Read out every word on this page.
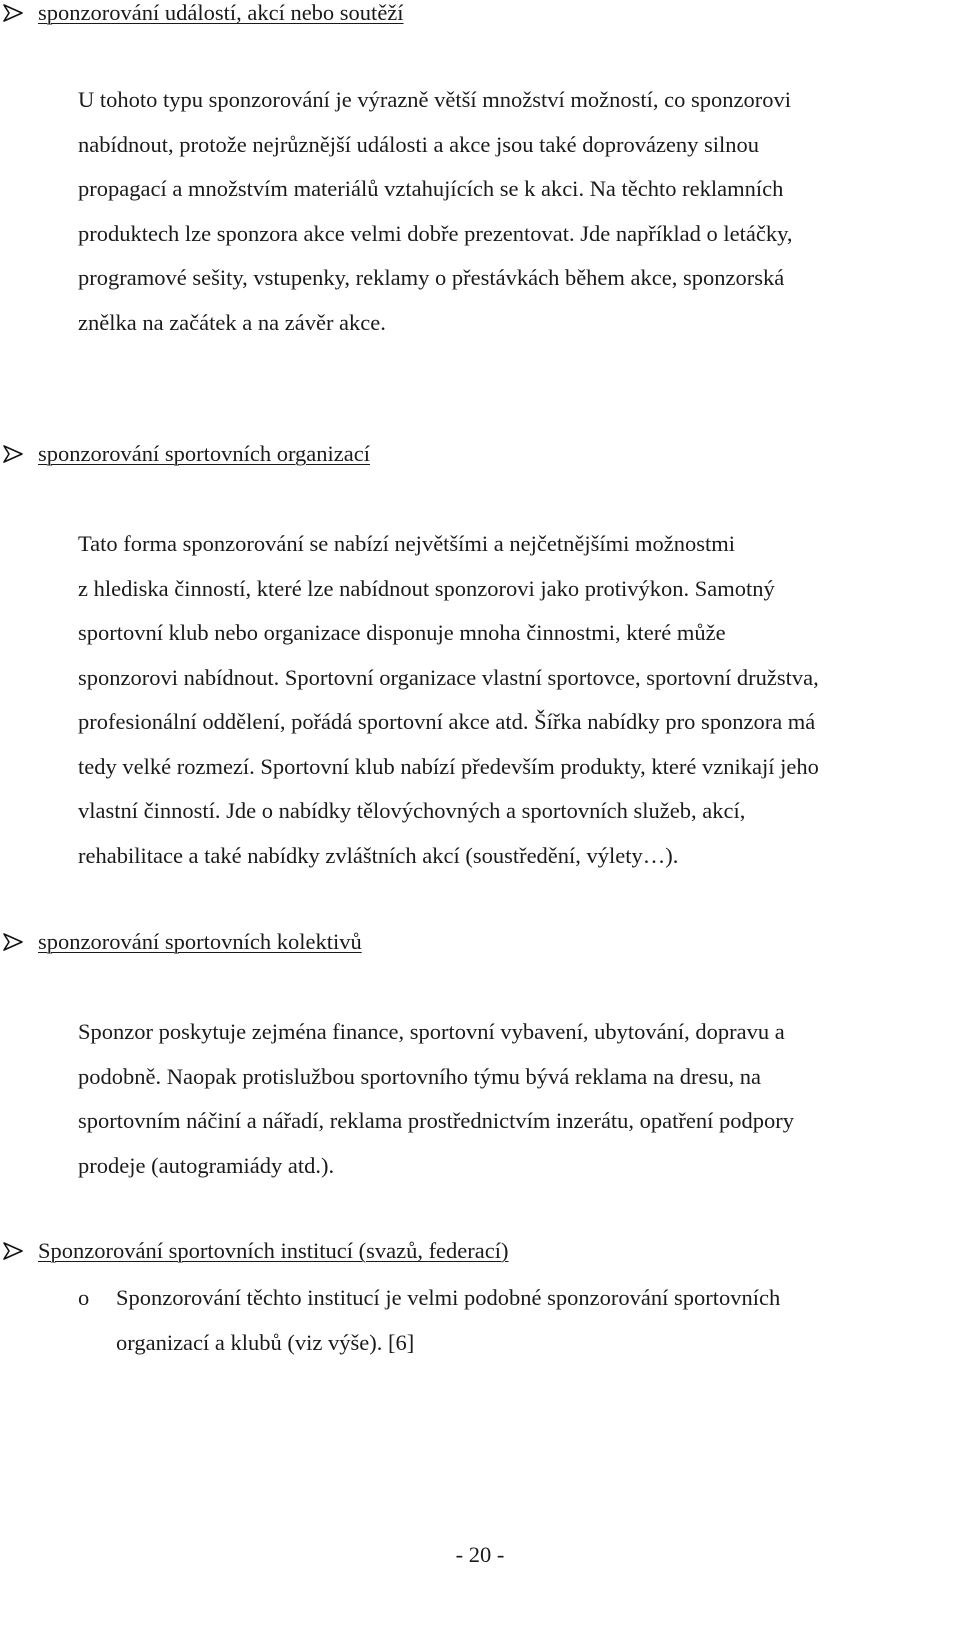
sponzorování událostí, akcí nebo soutěží
U tohoto typu sponzorování je výrazně větší množství možností, co sponzorovi
nabídnout, protože nejrůznější události a akce jsou také doprovázeny silnou
propagací a množstvím materiálů vztahujících se k akci. Na těchto reklamních
produktech lze sponzora akce velmi dobře prezentovat. Jde například o letáčky,
programové sešity, vstupenky, reklamy o přestávkách během akce, sponzorská
znělka na začátek a na závěr akce.
sponzorování sportovních organizací
Tato forma sponzorování se nabízí největšími a nejčetnějšími možnostmi
z hlediska činností, které lze nabídnout sponzorovi jako protivýkon. Samotný
sportovní klub nebo organizace disponuje mnoha činnostmi, které může
sponzorovi nabídnout. Sportovní organizace vlastní sportovce, sportovní družstva,
profesionální oddělení, pořádá sportovní akce atd. Šířka nabídky pro sponzora má
tedy velké rozmezí. Sportovní klub nabízí především produkty, které vznikají jeho
vlastní činností. Jde o nabídky tělovýchovných a sportovních služeb, akcí,
rehabilitace a také nabídky zvláštních akcí (soustředění, výlety…).
sponzorování sportovních kolektivů
Sponzor poskytuje zejména finance, sportovní vybavení, ubytování, dopravu a
podobně. Naopak protislužbou sportovního týmu bývá reklama na dresu, na
sportovním náčiní a nářadí, reklama prostřednictvím inzerátu, opatření podpory
prodeje (autogramiády atd.).
Sponzorování sportovních institucí (svazů, federací)
o Sponzorování těchto institucí je velmi podobné sponzorování sportovních
organizací a klubů (viz výše). [6]
- 20 -
